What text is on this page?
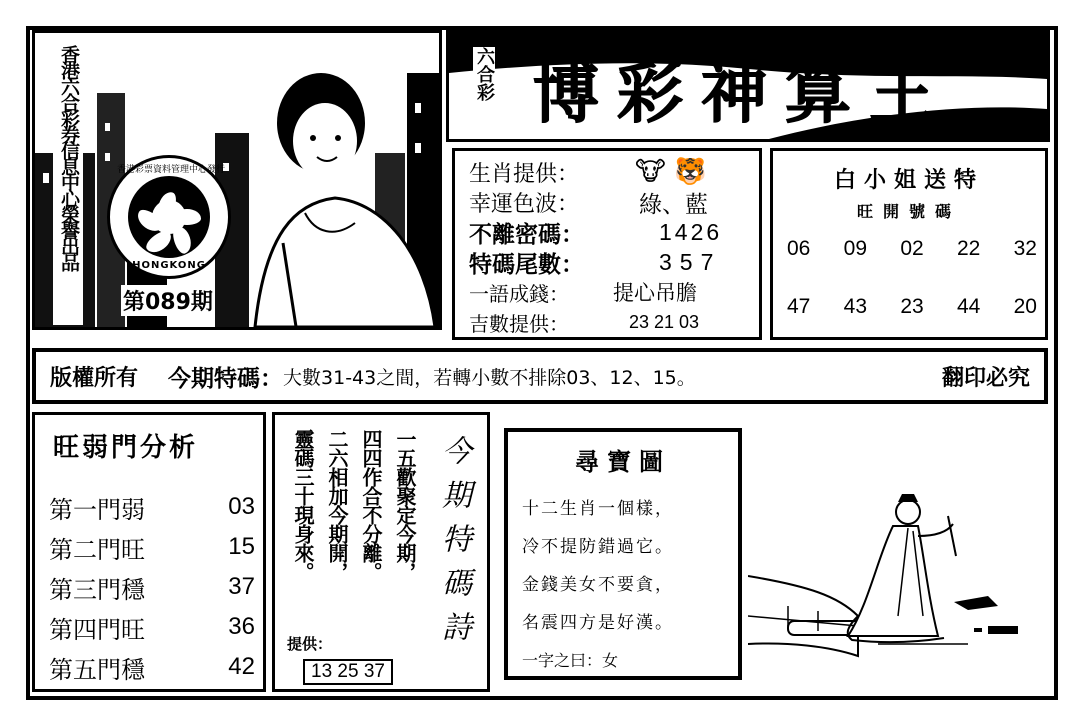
香港六合彩券信息中心榮譽出品	香港彩票資料管理中心發行
HONGKONG
第089期
六合彩 博彩神算王
生肖提供：	🐮 🐯
幸運色波：	綠、藍
不離密碼：	1426
特碼尾數：	357
一語成錢：	提心吊膽
吉數提供：	23 21 03
白小姐送特
旺開號碼
06 09 02 22 32
47 43 23 44 20
版權所有 今期特碼： 大數31-43之間，若轉小數不排除03、12、15。	翻印必究
旺弱門分析
第一門弱	03
第二門旺	15
第三門穩	37
第四門旺	36
第五門穩	42
一五歡聚定今期，
四四作合不分離。
二六相加今期開，
靈碼三十現身來。	今期特碼詩
提供：
13 25 37
尋寶圖
十二生肖一個樣，
冷不提防錯過它。
金錢美女不要貪，
名震四方是好漢。
一字之曰：女
